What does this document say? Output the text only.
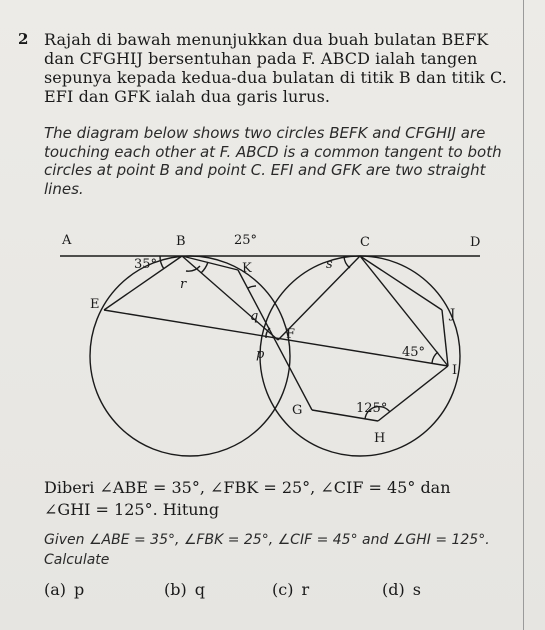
2 Rajah di bawah menunjukkan dua buah bulatan BEFK dan CFGHIJ bersentuhan pada F. ABCD ialah tangen sepunya kepada kedua-dua bulatan di titik B dan titik C. EFI dan GFK ialah dua garis lurus.
The diagram below shows two circles BEFK and CFGHIJ are touching each other at F. ABCD is a common tangent to both circles at point B and point C. EFI and GFK are two straight lines.
A	B	C	D
E
F
G
H
I
J
K
p
q
r
s
35°
25°
45°
125°
Diberi ∠ABE = 35°, ∠FBK = 25°, ∠CIF = 45° dan
∠GHI = 125°. Hitung
Given ∠ABE = 35°, ∠FBK = 25°, ∠CIF = 45° and ∠GHI = 125°.
Calculate
(a) p	(b) q	(c) r	(d) s
